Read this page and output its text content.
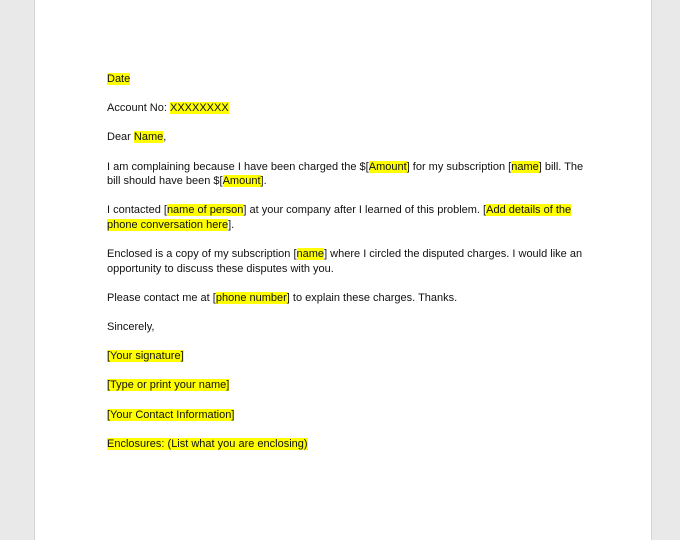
Date

Account No: XXXXXXXX

Dear Name,

I am complaining because I have been charged the $[Amount] for my subscription [name] bill. The bill should have been $[Amount].

I contacted [name of person] at your company after I learned of this problem. [Add details of the phone conversation here].

Enclosed is a copy of my subscription [name] where I circled the disputed charges. I would like an opportunity to discuss these disputes with you.

Please contact me at [phone number] to explain these charges. Thanks.

Sincerely,

[Your signature]

[Type or print your name]

[Your Contact Information]

Enclosures: (List what you are enclosing)
